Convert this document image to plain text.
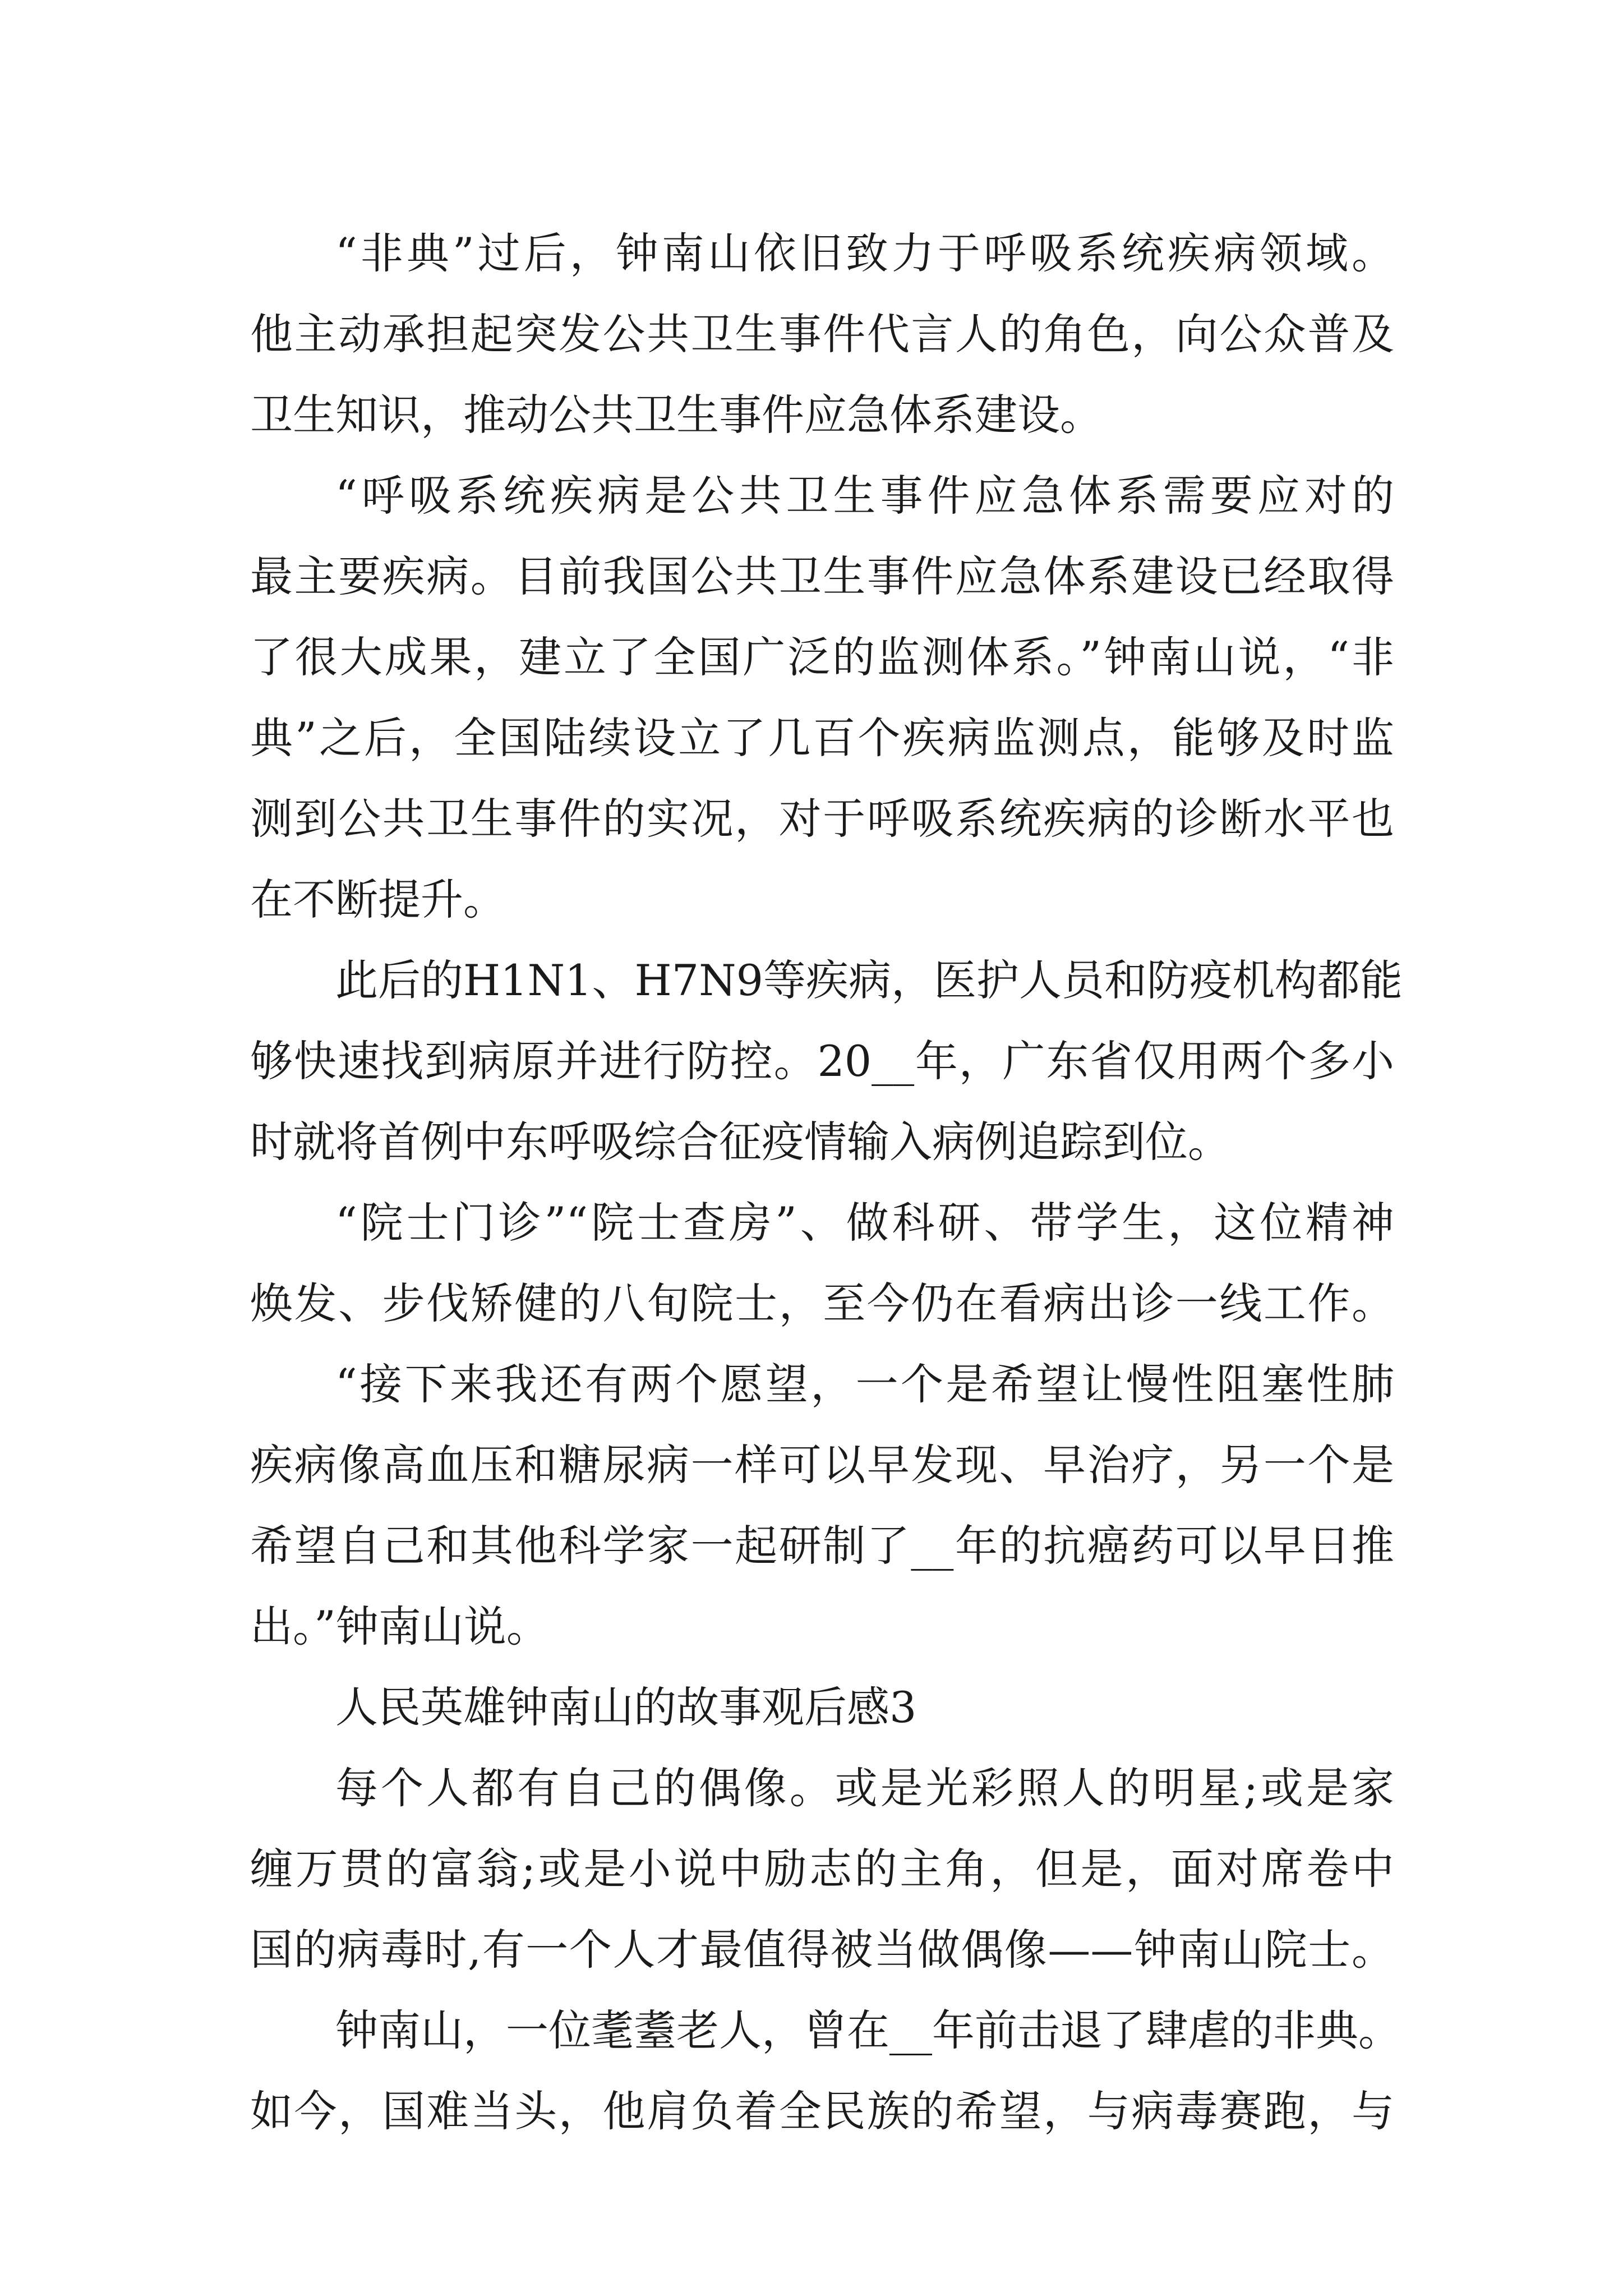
“非典”过后，钟南山依旧致力于呼吸系统疾病领域。
他主动承担起突发公共卫生事件代言人的角色，向公众普及
卫生知识，推动公共卫生事件应急体系建设。
“呼吸系统疾病是公共卫生事件应急体系需要应对的
最主要疾病。目前我国公共卫生事件应急体系建设已经取得
了很大成果，建立了全国广泛的监测体系。”钟南山说，“非
典”之后，全国陆续设立了几百个疾病监测点，能够及时监
测到公共卫生事件的实况，对于呼吸系统疾病的诊断水平也
在不断提升。
此后的H1N1、H7N9等疾病，医护人员和防疫机构都能
够快速找到病原并进行防控。20__年，广东省仅用两个多小
时就将首例中东呼吸综合征疫情输入病例追踪到位。
“院士门诊”“院士查房”、做科研、带学生，这位精神
焕发、步伐矫健的八旬院士，至今仍在看病出诊一线工作。
“接下来我还有两个愿望，一个是希望让慢性阻塞性肺
疾病像高血压和糖尿病一样可以早发现、早治疗，另一个是
希望自己和其他科学家一起研制了__年的抗癌药可以早日推
出。”钟南山说。
人民英雄钟南山的故事观后感3
每个人都有自己的偶像。或是光彩照人的明星;或是家
缠万贯的富翁;或是小说中励志的主角，但是，面对席卷中
国的病毒时,有一个人才最值得被当做偶像——钟南山院士。
钟南山，一位耄耋老人，曾在__年前击退了肆虐的非典。
如今，国难当头，他肩负着全民族的希望，与病毒赛跑，与
